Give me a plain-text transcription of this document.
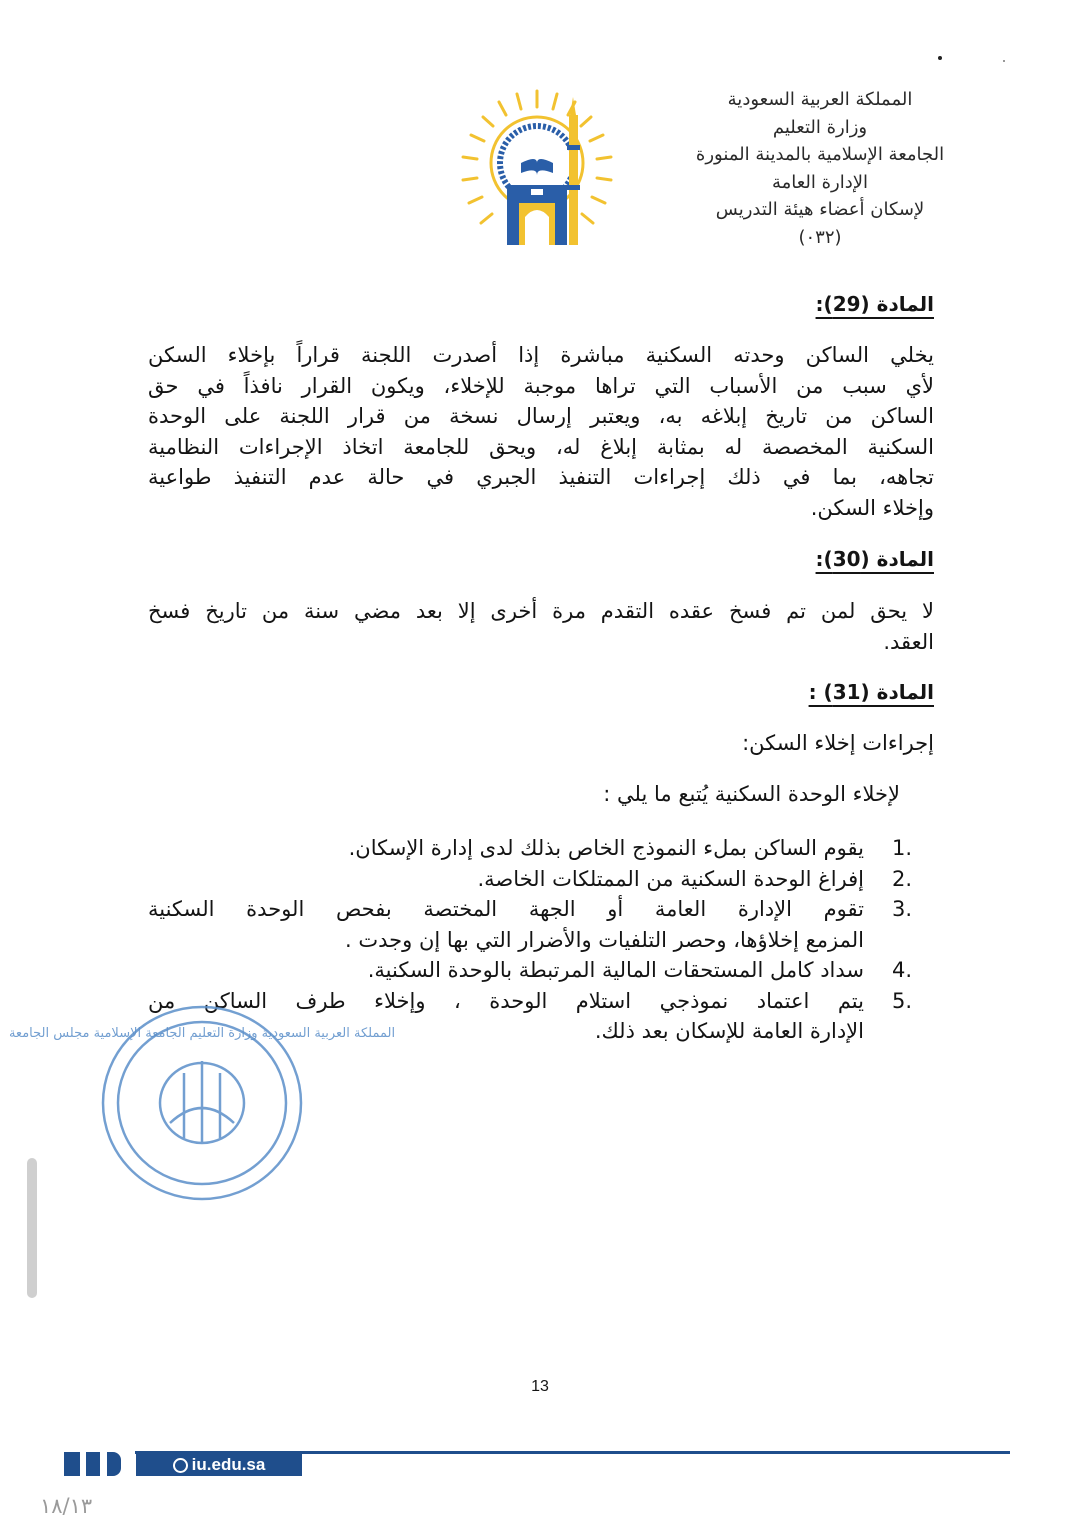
المملكة العربية السعودية
وزارة التعليم
الجامعة الإسلامية بالمدينة المنورة
الإدارة العامة
لإسكان أعضاء هيئة التدريس
(٠٣٢)
المادة (29):
يخلي الساكن وحدته السكنية مباشرة إذا أصدرت اللجنة قراراً بإخلاء السكن
لأي سبب من الأسباب التي تراها موجبة للإخلاء، ويكون القرار نافذاً في حق
الساكن من تاريخ إبلاغه به، ويعتبر إرسال نسخة من قرار اللجنة على الوحدة
السكنية المخصصة له بمثابة إبلاغ له، ويحق للجامعة اتخاذ الإجراءات النظامية
تجاهه، بما في ذلك إجراءات التنفيذ الجبري في حالة عدم التنفيذ طواعية
وإخلاء السكن.
المادة (30):
لا يحق لمن تم فسخ عقده التقدم مرة أخرى إلا بعد مضي سنة من تاريخ فسخ
العقد.
المادة (31) :
إجراءات إخلاء السكن:
لإخلاء الوحدة السكنية يُتبع ما يلي :
1.
يقوم الساكن بملء النموذج الخاص بذلك لدى إدارة الإسكان.
2.
إفراغ الوحدة السكنية من الممتلكات الخاصة.
3.
تقوم الإدارة العامة أو الجهة المختصة بفحص الوحدة السكنية
المزمع إخلاؤها، وحصر التلفيات والأضرار التي بها إن وجدت .
4.
سداد كامل المستحقات المالية المرتبطة بالوحدة السكنية.
5.
يتم اعتماد نموذجي استلام الوحدة ، وإخلاء طرف الساكن من
الإدارة العامة للإسكان بعد ذلك.
المملكة العربية السعودية وزارة التعليم الجامعة الإسلامية مجلس الجامعة
13
iu.edu.sa
١٨/١٣
